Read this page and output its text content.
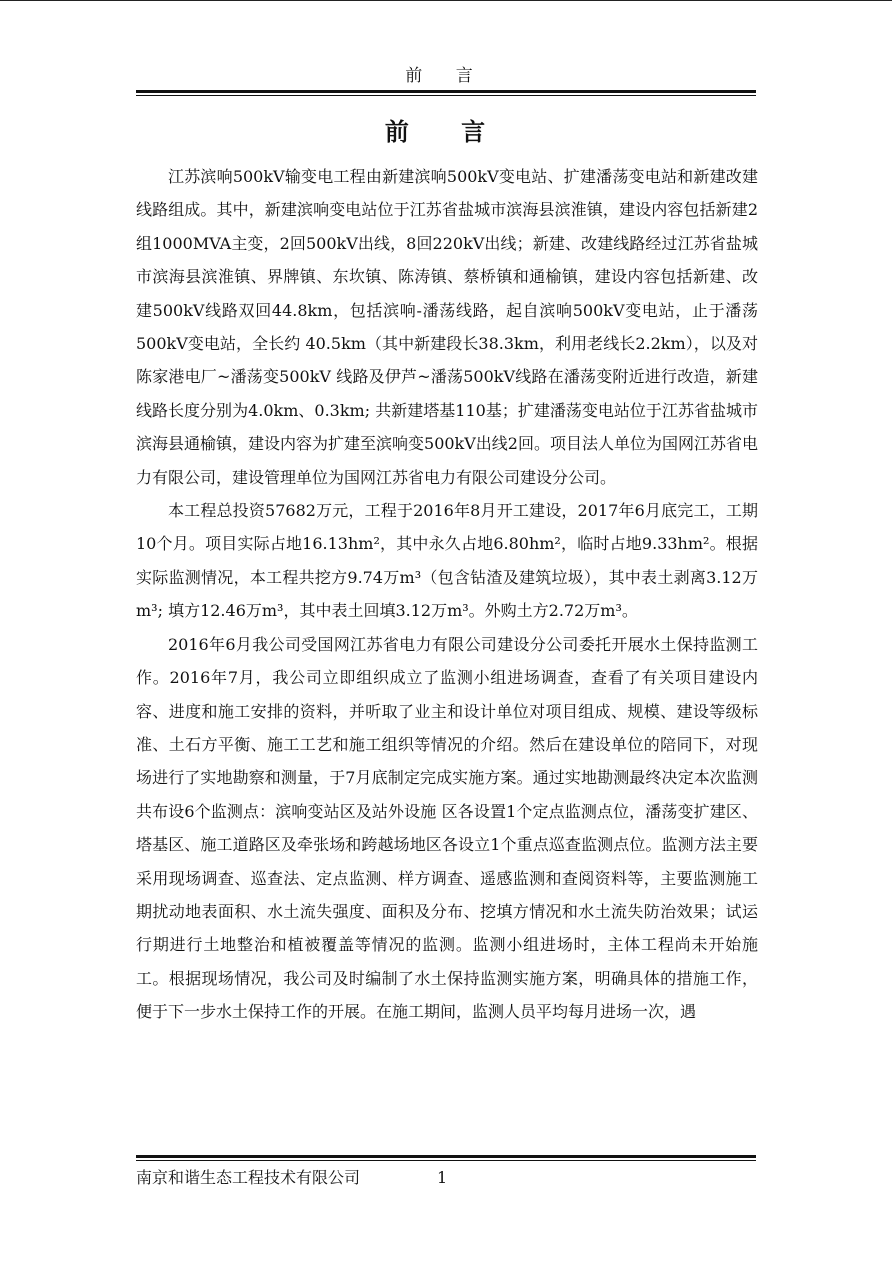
前 言
前 言

江苏滨响500kV输变电工程由新建滨响500kV变电站、扩建潘荡变电站和新建改建线路组成。其中，新建滨响变电站位于江苏省盐城市滨海县滨淮镇，建设内容包括新建2组1000MVA主变，2回500kV出线，8回220kV出线；新建、改建线路经过江苏省盐城市滨海县滨淮镇、界牌镇、东坎镇、陈涛镇、蔡桥镇和通榆镇，建设内容包括新建、改建500kV线路双回44.8km，包括滨响-潘荡线路，起自滨响500kV变电站，止于潘荡500kV变电站，全长约 40.5km（其中新建段长38.3km，利用老线长2.2km），以及对陈家港电厂~潘荡变500kV 线路及伊芦~潘荡500kV线路在潘荡变附近进行改造，新建线路长度分别为4.0km、0.3km; 共新建塔基110基；扩建潘荡变电站位于江苏省盐城市滨海县通榆镇，建设内容为扩建至滨响变500kV出线2回。项目法人单位为国网江苏省电力有限公司，建设管理单位为国网江苏省电力有限公司建设分公司。

本工程总投资57682万元，工程于2016年8月开工建设，2017年6月底完工，工期10个月。项目实际占地16.13hm²，其中永久占地6.80hm²，临时占地9.33hm²。根据实际监测情况，本工程共挖方9.74万m³（包含钻渣及建筑垃圾），其中表土剥离3.12万m³; 填方12.46万m³，其中表土回填3.12万m³。外购土方2.72万m³。

2016年6月我公司受国网江苏省电力有限公司建设分公司委托开展水土保持监测工作。2016年7月，我公司立即组织成立了监测小组进场调查，查看了有关项目建设内容、进度和施工安排的资料，并听取了业主和设计单位对项目组成、规模、建设等级标准、土石方平衡、施工工艺和施工组织等情况的介绍。然后在建设单位的陪同下，对现场进行了实地勘察和测量，于7月底制定完成实施方案。通过实地勘测最终决定本次监测共布设6个监测点：滨响变站区及站外设施 区各设置1个定点监测点位，潘荡变扩建区、塔基区、施工道路区及牵张场和跨越场地区各设立1个重点巡查监测点位。监测方法主要采用现场调查、巡查法、定点监测、样方调查、遥感监测和查阅资料等，主要监测施工期扰动地表面积、水土流失强度、面积及分布、挖填方情况和水土流失防治效果；试运行期进行土地整治和植被覆盖等情况的监测。监测小组进场时，主体工程尚未开始施工。根据现场情况，我公司及时编制了水土保持监测实施方案，明确具体的措施工作，便于下一步水土保持工作的开展。在施工期间，监测人员平均每月进场一次，遇

南京和谐生态工程技术有限公司	1
